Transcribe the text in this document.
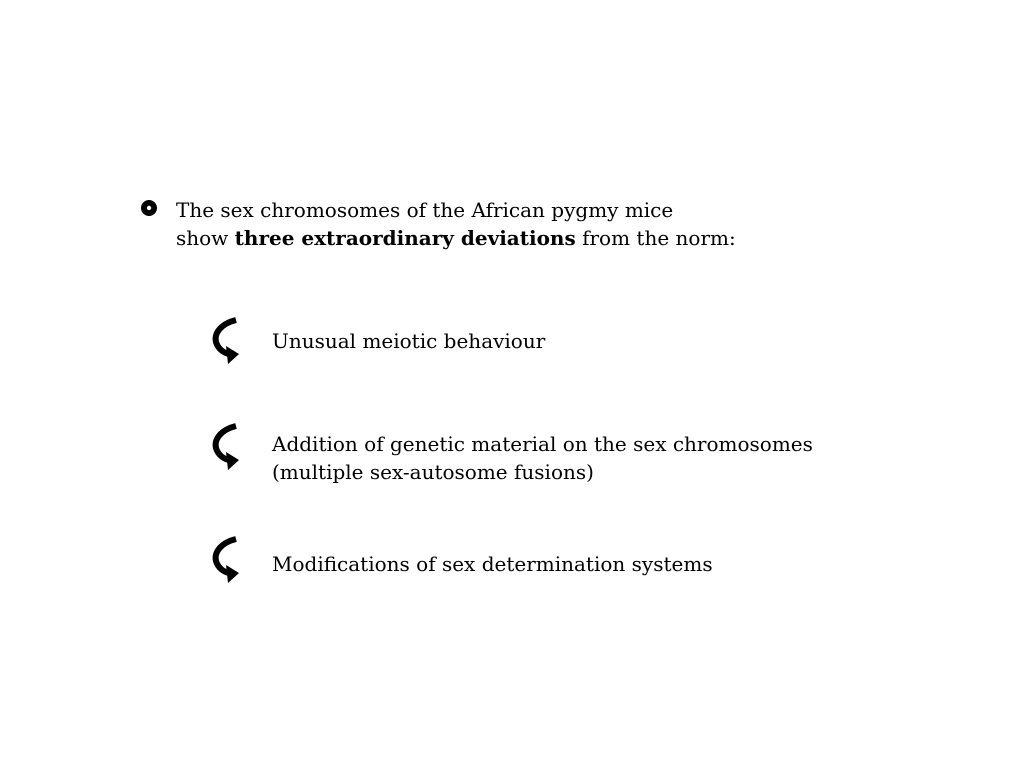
The sex chromosomes of the African pygmy mice
show three extraordinary deviations from the norm:
Unusual meiotic behaviour
Addition of genetic material on the sex chromosomes
(multiple sex-autosome fusions)
Modifications of sex determination systems
